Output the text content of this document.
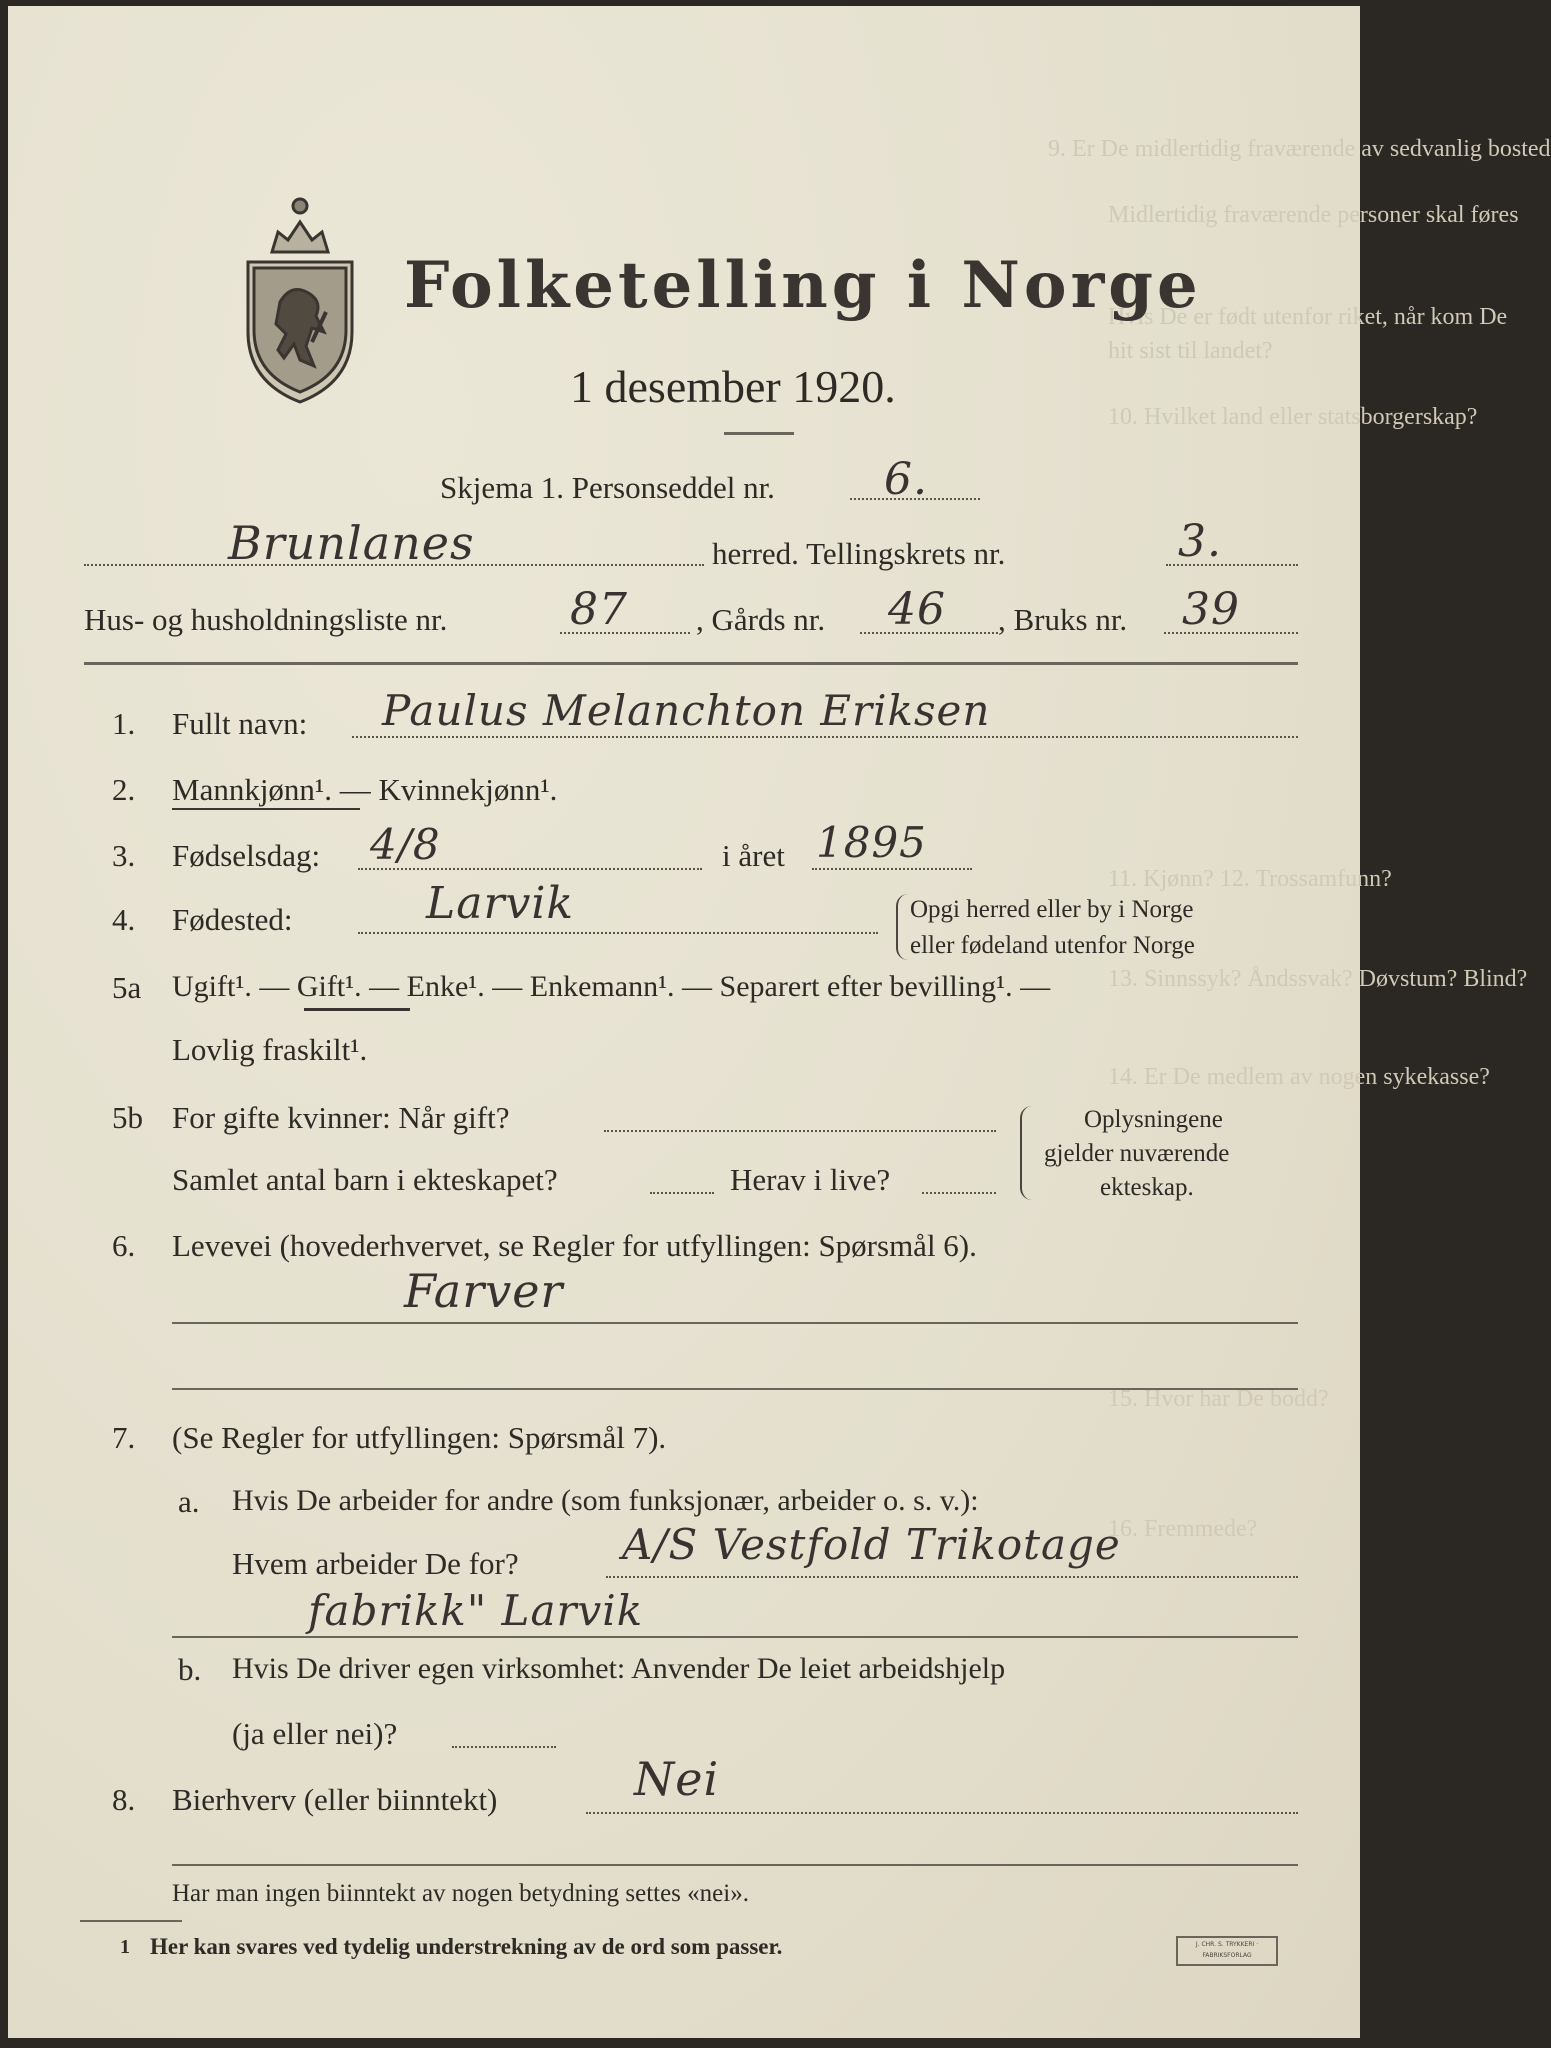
9. Er De midlertidig fraværende av sedvanlig bosted
Midlertidig fraværende personer skal føres
Hvis De er født utenfor riket, når kom De
hit sist til landet?
10. Hvilket land eller statsborgerskap?
11. Kjønn? 12. Trossamfunn?
13. Sinnssyk? Åndssvak? Døvstum? Blind?
14. Er De medlem av nogen sykekasse?
15. Hvor har De bodd?
16. Fremmede?
Folketelling i Norge
1 desember 1920.
Skjema 1. Personseddel nr. 6.
Brunlanes	herred. Tellingskrets nr.	3.
Hus- og husholdningsliste nr.	87 , Gårds nr. 46 , Bruks nr. 39
1. Fullt navn: Paulus Melanchton Eriksen
2. Mannkjønn¹. — Kvinnekjønn¹.
3. Fødselsdag: 4/8	i året 1895
4. Fødested:	Larvik	Opgi herred eller by i Norge
eller fødeland utenfor Norge
5a Ugift¹. — Gift¹. — Enke¹. — Enkemann¹. — Separert efter bevilling¹. —
Lovlig fraskilt¹.
5b For gifte kvinner: Når gift?
Samlet antal barn i ekteskapet?	Herav i live?
Oplysningene
gjelder nuværende
ekteskap.
6. Levevei (hovederhvervet, se Regler for utfyllingen: Spørsmål 6).
Farver
7. (Se Regler for utfyllingen: Spørsmål 7).
a. Hvis De arbeider for andre (som funksjonær, arbeider o. s. v.):
Hvem arbeider De for? A/S Vestfold Trikotage
fabrikk" Larvik
b. Hvis De driver egen virksomhet: Anvender De leiet arbeidshjelp
(ja eller nei)?
8. Bierhverv (eller biinntekt)	Nei
Har man ingen biinntekt av nogen betydning settes «nei».
1 Her kan svares ved tydelig understrekning av de ord som passer.	J. CHR. S. TRYKKERI · FABRIKSFORLAG
